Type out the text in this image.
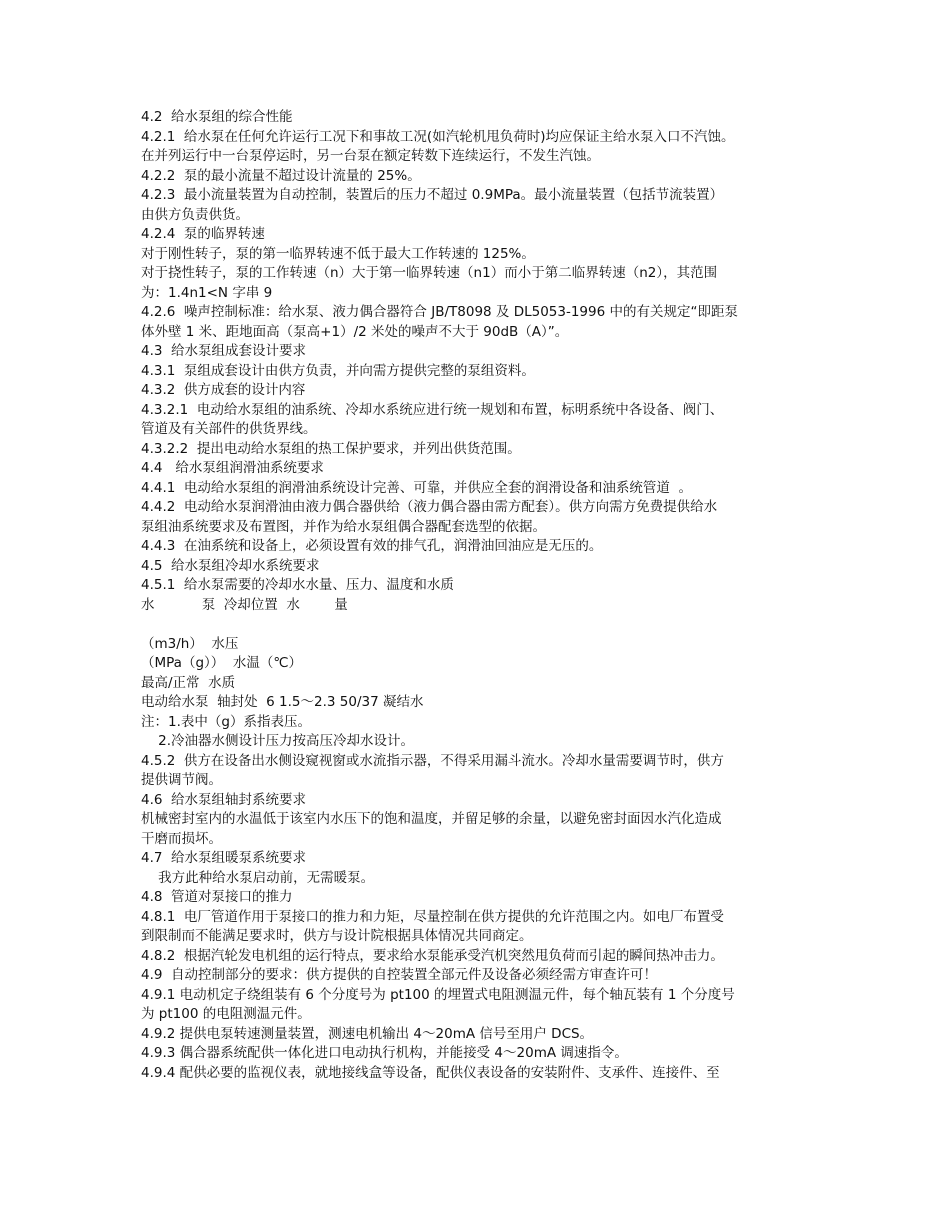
4.2  给水泵组的综合性能
4.2.1  给水泵在任何允许运行工况下和事故工况(如汽轮机甩负荷时)均应保证主给水泵入口不汽蚀。
在并列运行中一台泵停运时，另一台泵在额定转数下连续运行，不发生汽蚀。
4.2.2  泵的最小流量不超过设计流量的 25%。
4.2.3  最小流量装置为自动控制，装置后的压力不超过 0.9MPa。最小流量装置（包括节流装置）
由供方负责供货。
4.2.4  泵的临界转速
对于刚性转子，泵的第一临界转速不低于最大工作转速的 125%。
对于挠性转子，泵的工作转速（n）大于第一临界转速（n1）而小于第二临界转速（n2），其范围
为：1.4n1<N 字串 9
4.2.6  噪声控制标准：给水泵、液力偶合器符合 JB/T8098 及 DL5053-1996 中的有关规定“即距泵
体外壁 1 米、距地面高（泵高+1）/2 米处的噪声不大于 90dB（A）”。
4.3  给水泵组成套设计要求
4.3.1  泵组成套设计由供方负责，并向需方提供完整的泵组资料。
4.3.2  供方成套的设计内容
4.3.2.1  电动给水泵组的油系统、冷却水系统应进行统一规划和布置，标明系统中各设备、阀门、
管道及有关部件的供货界线。
4.3.2.2  提出电动给水泵组的热工保护要求，并列出供货范围。
4.4   给水泵组润滑油系统要求
4.4.1  电动给水泵组的润滑油系统设计完善、可靠，并供应全套的润滑设备和油系统管道  。
4.4.2  电动给水泵润滑油由液力偶合器供给（液力偶合器由需方配套）。供方向需方免费提供给水
泵组油系统要求及布置图，并作为给水泵组偶合器配套选型的依据。
4.4.3  在油系统和设备上，必须设置有效的排气孔，润滑油回油应是无压的。
4.5  给水泵组冷却水系统要求
4.5.1  给水泵需要的冷却水水量、压力、温度和水质
水           泵  冷却位置  水        量
（m3/h）  水压
（MPa（g））  水温（℃）
最高/正常  水质
电动给水泵  轴封处  6 1.5～2.3 50/37 凝结水
注：1.表中（g）系指表压。
2.冷油器水侧设计压力按高压冷却水设计。
4.5.2  供方在设备出水侧设窥视窗或水流指示器，不得采用漏斗流水。冷却水量需要调节时，供方
提供调节阀。
4.6  给水泵组轴封系统要求
机械密封室内的水温低于该室内水压下的饱和温度，并留足够的余量，以避免密封面因水汽化造成
干磨而损坏。
4.7  给水泵组暖泵系统要求
我方此种给水泵启动前，无需暖泵。
4.8  管道对泵接口的推力
4.8.1  电厂管道作用于泵接口的推力和力矩，尽量控制在供方提供的允许范围之内。如电厂布置受
到限制而不能满足要求时，供方与设计院根据具体情况共同商定。
4.8.2  根据汽轮发电机组的运行特点，要求给水泵能承受汽机突然甩负荷而引起的瞬间热冲击力。
4.9  自动控制部分的要求：供方提供的自控装置全部元件及设备必须经需方审查许可！
4.9.1 电动机定子绕组装有 6 个分度号为 pt100 的埋置式电阻测温元件，每个轴瓦装有 1 个分度号
为 pt100 的电阻测温元件。
4.9.2 提供电泵转速测量装置，测速电机输出 4～20mA 信号至用户 DCS。
4.9.3 偶合器系统配供一体化进口电动执行机构，并能接受 4～20mA 调速指令。
4.9.4 配供必要的监视仪表，就地接线盒等设备，配供仪表设备的安装附件、支承件、连接件、至
